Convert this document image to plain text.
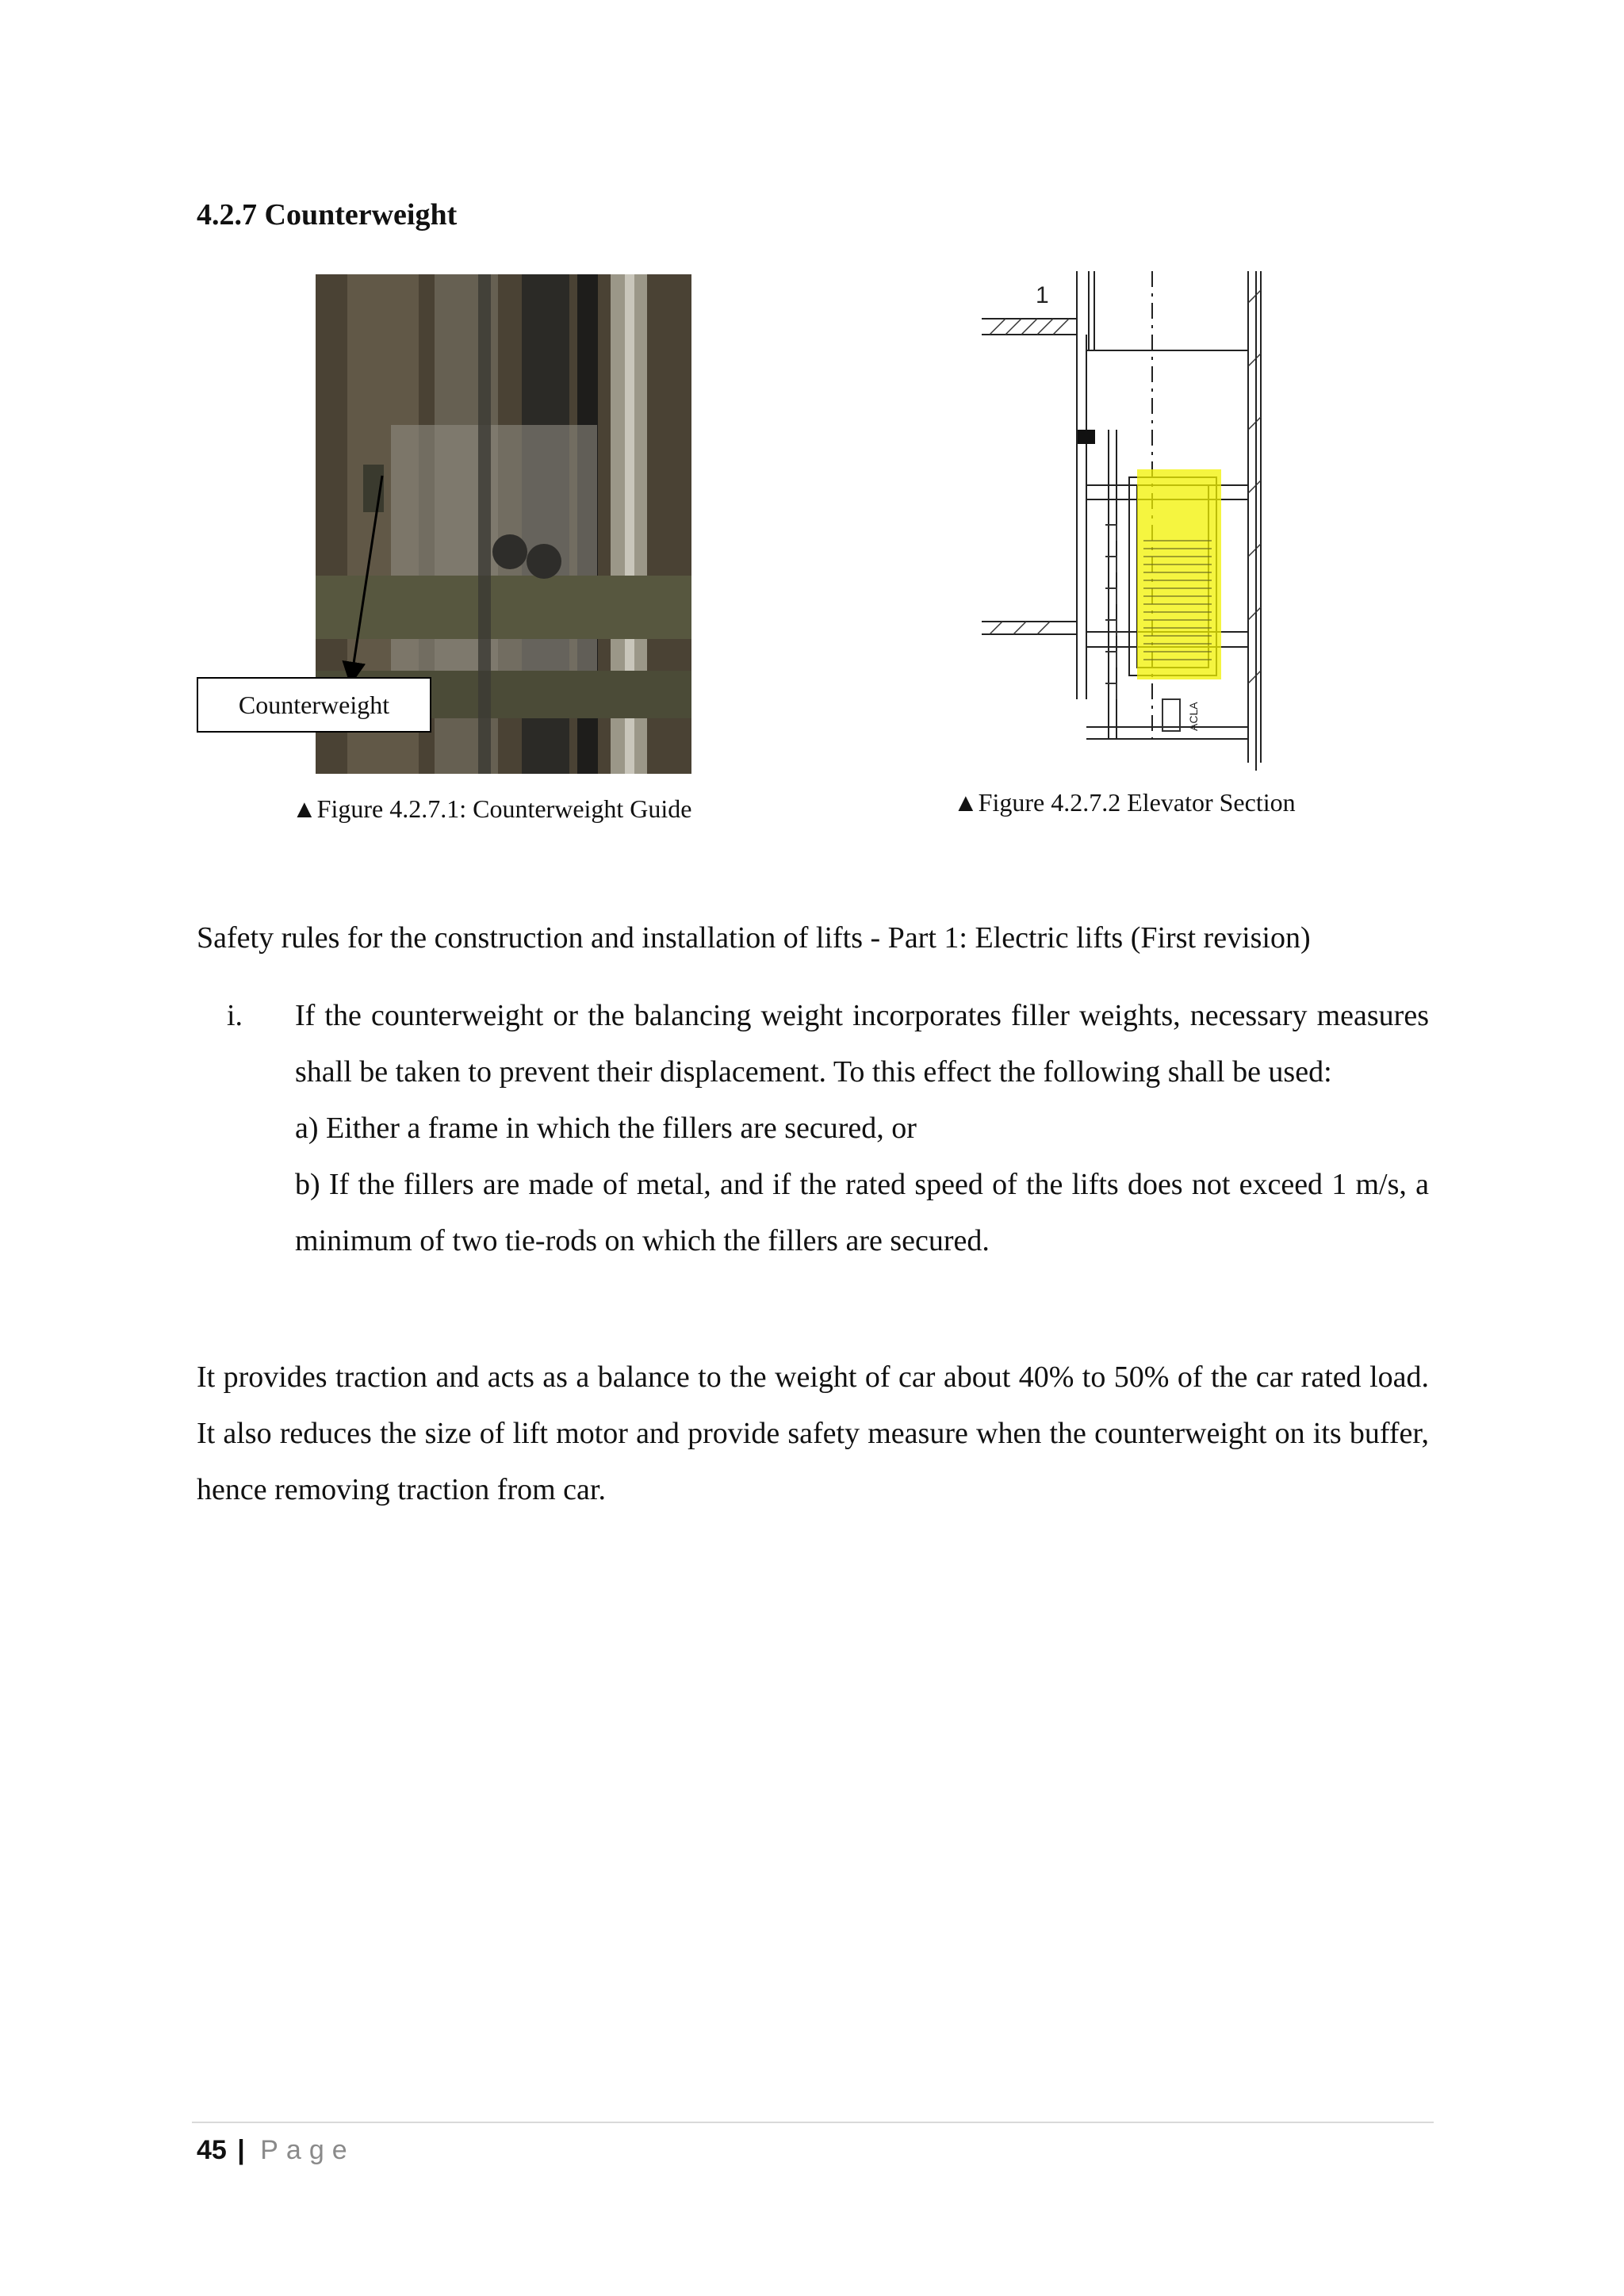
4.2.7 Counterweight
Counterweight
▲Figure 4.2.7.1: Counterweight Guide
1
ACLA
▲Figure 4.2.7.2 Elevator Section

Safety rules for the construction and installation of lifts - Part 1: Electric lifts (First revision)

i. If the counterweight or the balancing weight incorporates filler weights, necessary measures shall be taken to prevent their displacement. To this effect the following shall be used:
a) Either a frame in which the fillers are secured, or
b) If the fillers are made of metal, and if the rated speed of the lifts does not exceed 1 m/s, a minimum of two tie-rods on which the fillers are secured.

It provides traction and acts as a balance to the weight of car about 40% to 50% of the car rated load. It also reduces the size of lift motor and provide safety measure when the counterweight on its buffer, hence removing traction from car.

45 | Page
